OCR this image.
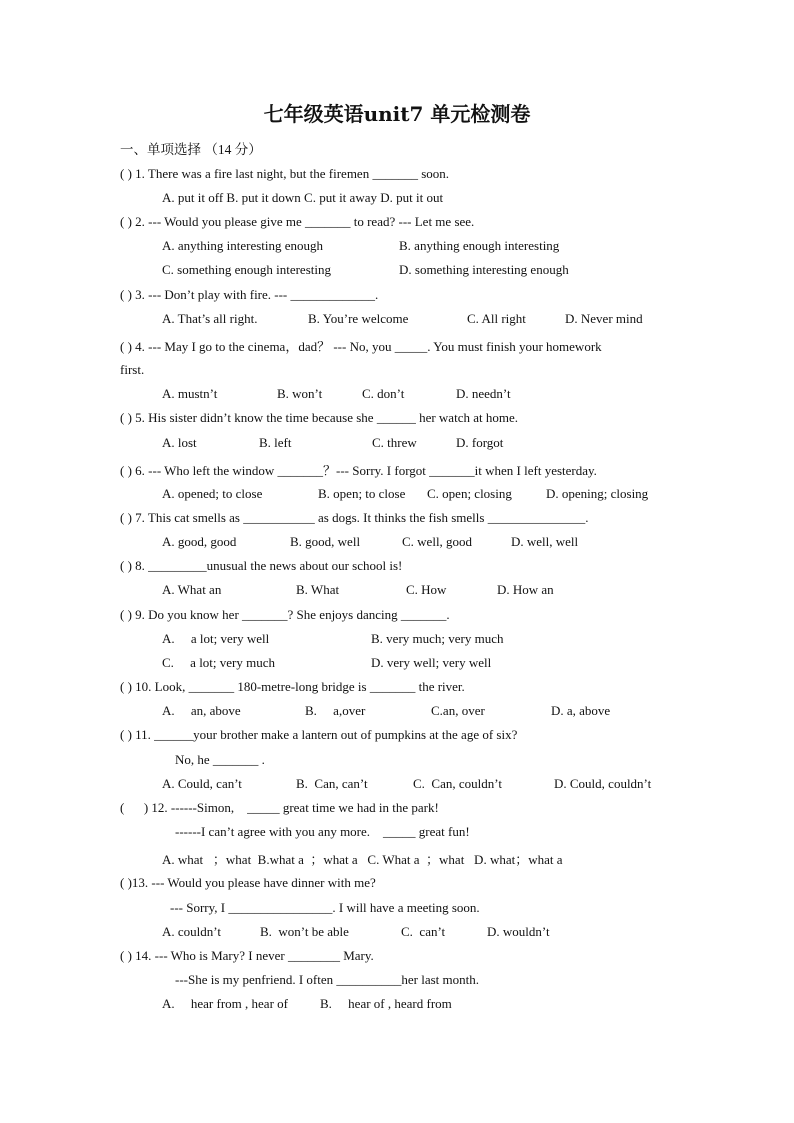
七年级英语unit7 单元检测卷
一、单项选择 （14 分）
( ) 1. There was a fire last night, but the firemen _______ soon.
A. put it off B. put it down C. put it away D. put it out
( ) 2. --- Would you please give me _______ to read? --- Let me see.
A. anything interesting enough	B. anything enough interesting
C. something enough interesting	D. something interesting enough
( ) 3. --- Don’t play with fire. --- _____________.
A. That’s all right.	B. You’re welcome	C. All right	D. Never mind
( ) 4. --- May I go to the cinema，dad？ --- No, you _____. You must finish your homework
first.
A. mustn’t	B. won’t	C. don’t	D. needn’t
( ) 5. His sister didn’t know the time because she ______ her watch at home.
A. lost	B. left	C. threw	D. forgot
( ) 6. --- Who left the window _______？--- Sorry. I forgot _______it when I left yesterday.
A. opened; to close	B. open; to close C. open; closing	D. opening; closing
( ) 7. This cat smells as ___________ as dogs. It thinks the fish smells _______________.
A. good, good	B. good, well	C. well, good	D. well, well
( ) 8. _________unusual the news about our school is!
A. What an	B. What	C. How	D. How an
( ) 9. Do you know her _______? She enjoys dancing _______.
A.     a lot; very well	B. very much; very much
C.     a lot; very much	D. very well; very well
( ) 10. Look, _______ 180-metre-long bridge is _______ the river.
A.     an, above	B.     a,over	C.an, over	D. a, above
( ) 11. ______your brother make a lantern out of pumpkins at the age of six?
No, he _______ .
A. Could, can’t	B.  Can, can’t	C.  Can, couldn’t	D. Could, couldn’t
(      ) 12. ------Simon,    _____ great time we had in the park!
------I can’t agree with you any more.    _____ great fun!
A. what   ；what  B.what a  ；what a   C. What a  ；what   D. what；what a
( )13. --- Would you please have dinner with me?
--- Sorry, I ________________. I will have a meeting soon.
A. couldn’t	B.  won’t be able	C.  can’t	D. wouldn’t
( ) 14. --- Who is Mary? I never ________ Mary.
---She is my penfriend. I often __________her last month.
A.     hear from , hear of B.     hear of , heard from
